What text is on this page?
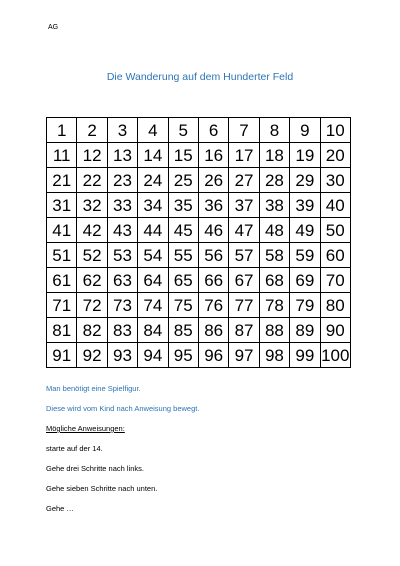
AG
Die Wanderung auf dem Hunderter Feld
1	2	3	4	5	6	7	8	9	10
11	12	13	14	15	16	17	18	19	20
21	22	23	24	25	26	27	28	29	30
31	32	33	34	35	36	37	38	39	40
41	42	43	44	45	46	47	48	49	50
51	52	53	54	55	56	57	58	59	60
61	62	63	64	65	66	67	68	69	70
71	72	73	74	75	76	77	78	79	80
81	82	83	84	85	86	87	88	89	90
91	92	93	94	95	96	97	98	99	100

Man benötigt eine Spielfigur.

Diese wird vom Kind nach Anweisung bewegt.

Mögliche Anweisungen:

starte auf der 14.

Gehe drei Schritte nach links.

Gehe sieben Schritte nach unten.

Gehe …
